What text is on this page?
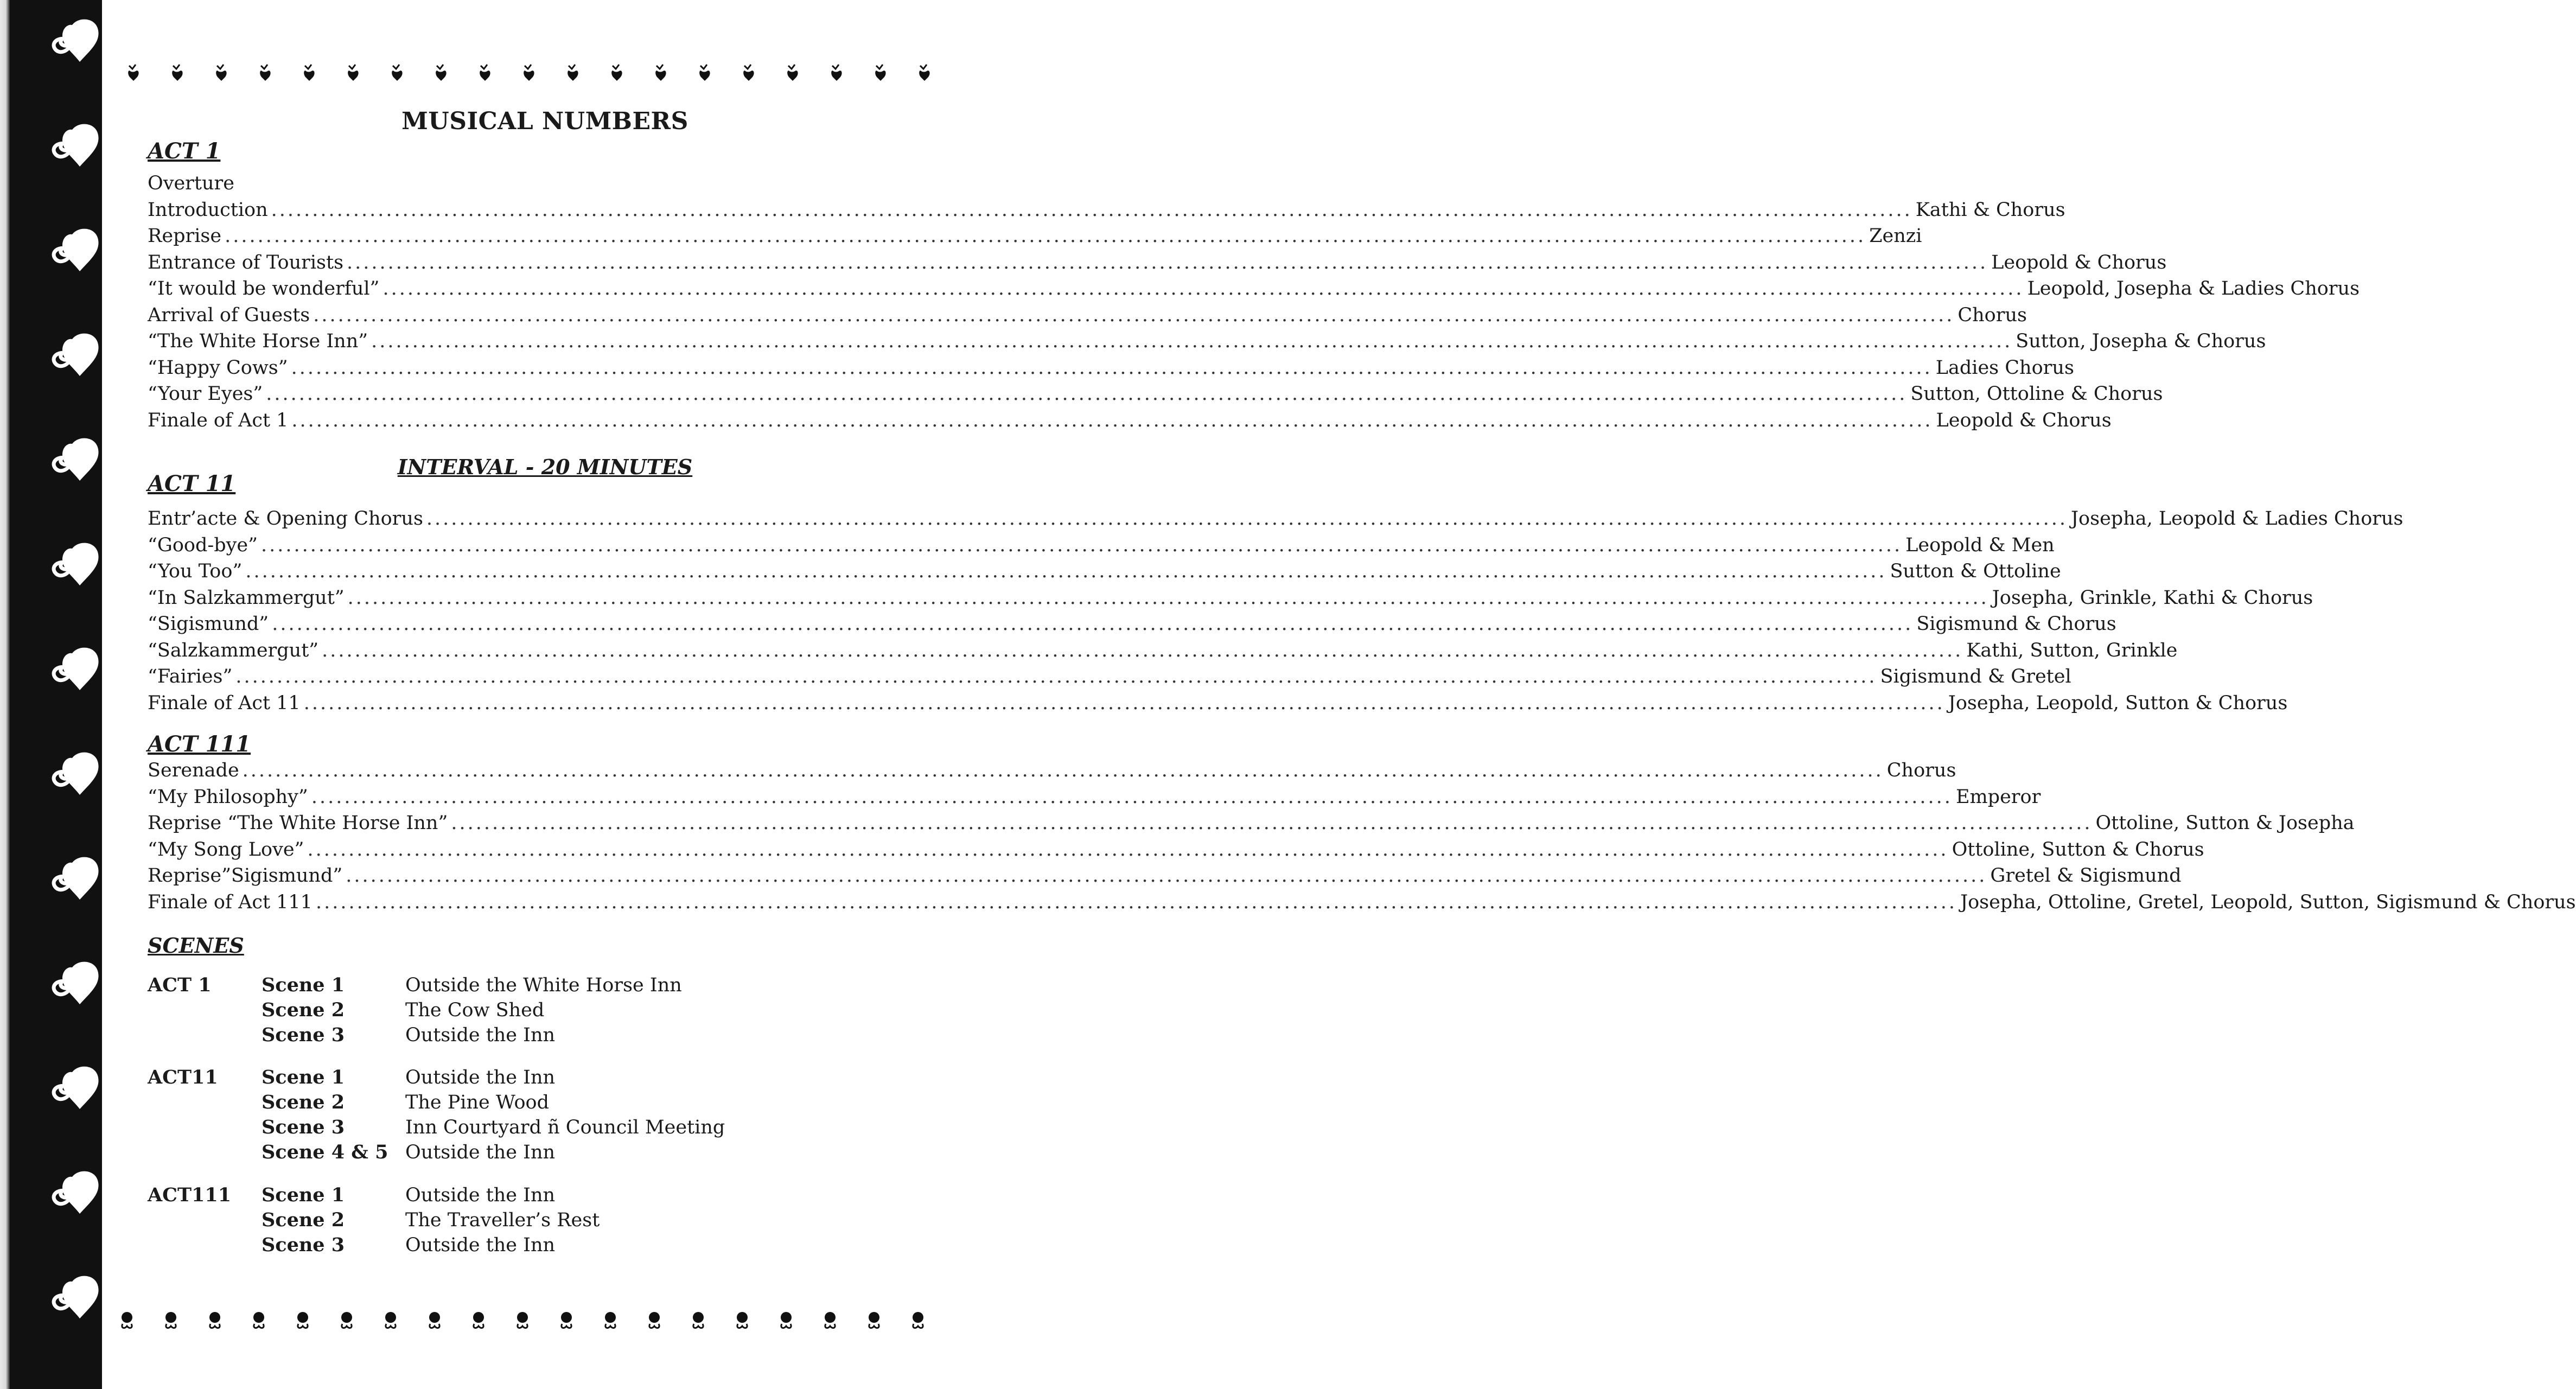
MUSICAL NUMBERS
ACT 1
Overture
Introduction ........................................................................................................................................................................................................ Kathi & Chorus
Reprise ........................................................................................................................................................................................................ Zenzi
Entrance of Tourists ........................................................................................................................................................................................................ Leopold & Chorus
“It would be wonderful” ........................................................................................................................................................................................................ Leopold, Josepha & Ladies Chorus
Arrival of Guests ........................................................................................................................................................................................................ Chorus
“The White Horse Inn” ........................................................................................................................................................................................................ Sutton, Josepha & Chorus
“Happy Cows” ........................................................................................................................................................................................................ Ladies Chorus
“Your Eyes” ........................................................................................................................................................................................................ Sutton, Ottoline & Chorus
Finale of Act 1 ........................................................................................................................................................................................................ Leopold & Chorus
INTERVAL - 20 MINUTES
ACT 11
Entr’acte & Opening Chorus ........................................................................................................................................................................................................ Josepha, Leopold & Ladies Chorus
“Good-bye” ........................................................................................................................................................................................................ Leopold & Men
“You Too” ........................................................................................................................................................................................................ Sutton & Ottoline
“In Salzkammergut” ........................................................................................................................................................................................................ Josepha, Grinkle, Kathi & Chorus
“Sigismund” ........................................................................................................................................................................................................ Sigismund & Chorus
“Salzkammergut” ........................................................................................................................................................................................................ Kathi, Sutton, Grinkle
“Fairies” ........................................................................................................................................................................................................ Sigismund & Gretel
Finale of Act 11 ........................................................................................................................................................................................................ Josepha, Leopold, Sutton & Chorus
ACT 111
Serenade ........................................................................................................................................................................................................ Chorus
“My Philosophy” ........................................................................................................................................................................................................ Emperor
Reprise “The White Horse Inn” ........................................................................................................................................................................................................ Ottoline, Sutton & Josepha
“My Song Love” ........................................................................................................................................................................................................ Ottoline, Sutton & Chorus
Reprise”Sigismund” ........................................................................................................................................................................................................ Gretel & Sigismund
Finale of Act 111 ........................................................................................................................................................................................................ Josepha, Ottoline, Gretel, Leopold, Sutton, Sigismund & Chorus
SCENES
ACT 1	Scene 1	Outside the White Horse Inn
Scene 2	The Cow Shed
Scene 3	Outside the Inn
ACT11	Scene 1	Outside the Inn
Scene 2	The Pine Wood
Scene 3	Inn Courtyard ñ Council Meeting
Scene 4 & 5 Outside the Inn
ACT111	Scene 1	Outside the Inn
Scene 2	The Traveller’s Rest
Scene 3	Outside the Inn
